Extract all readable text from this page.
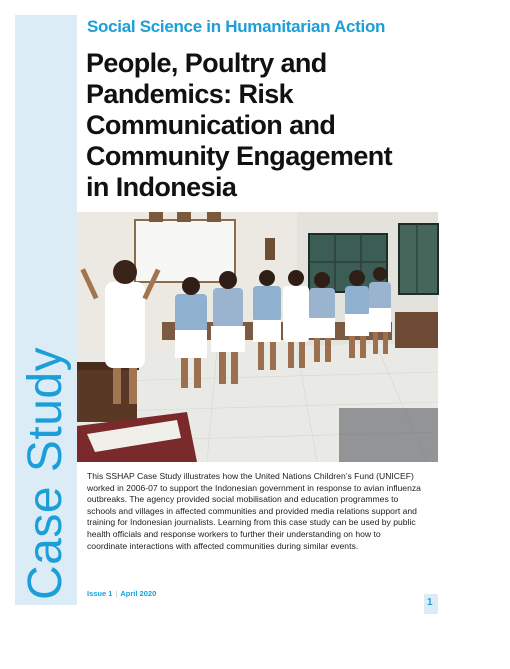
Case Study
Social Science in Humanitarian Action
People, Poultry and
Pandemics: Risk
Communication and
Community Engagement
in Indonesia
‘Tanggap Flu Burung’ (‘Take Action on Bird Flu’) – UNICEF-supported training and awareness raising at SD Negeri 1, Takmung, Klungkung Regency, Bali (20 May 2009).
PHOTO: PAUL FORSTER

This SSHAP Case Study illustrates how the United Nations Children’s Fund (UNICEF) worked in 2006-07 to support the Indonesian government in response to avian influenza outbreaks. The agency provided social mobilisation and education programmes to schools and villages in affected communities and provided media relations support and training for Indonesian journalists. Learning from this case study can be used by public health officials and response workers to further their understanding on how to coordinate interactions with affected communities during similar events.

Issue 1 | April 2020
1
